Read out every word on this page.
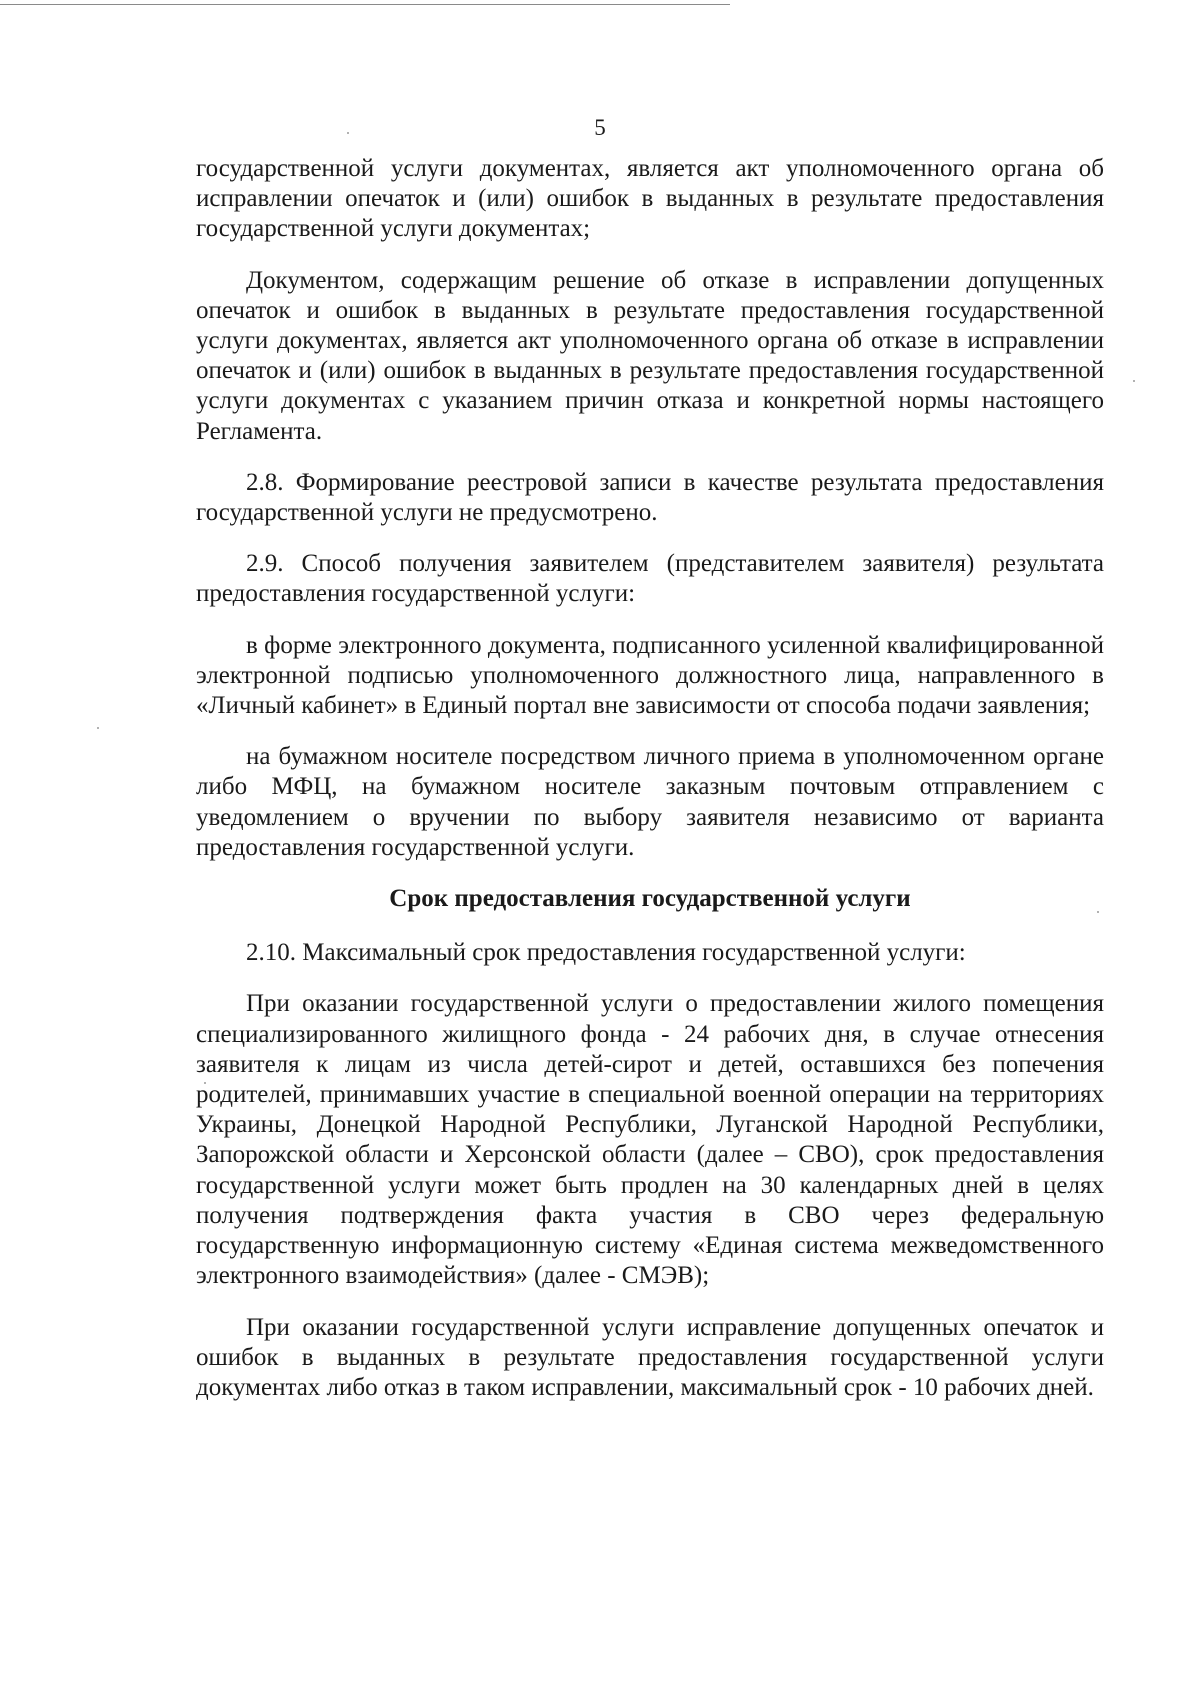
5

государственной услуги документах, является акт уполномоченного органа об исправлении опечаток и (или) ошибок в выданных в результате предоставления государственной услуги документах;

Документом, содержащим решение об отказе в исправлении допущенных опечаток и ошибок в выданных в результате предоставления государственной услуги документах, является акт уполномоченного органа об отказе в исправлении опечаток и (или) ошибок в выданных в результате предоставления государственной услуги документах с указанием причин отказа и конкретной нормы настоящего Регламента.

2.8. Формирование реестровой записи в качестве результата предоставления государственной услуги не предусмотрено.

2.9. Способ получения заявителем (представителем заявителя) результата предоставления государственной услуги:

в форме электронного документа, подписанного усиленной квалифицированной электронной подписью уполномоченного должностного лица, направленного в «Личный кабинет» в Единый портал вне зависимости от способа подачи заявления;

на бумажном носителе посредством личного приема в уполномоченном органе либо МФЦ, на бумажном носителе заказным почтовым отправлением с уведомлением о вручении по выбору заявителя независимо от варианта предоставления государственной услуги.

Срок предоставления государственной услуги

2.10. Максимальный срок предоставления государственной услуги:

При оказании государственной услуги о предоставлении жилого помещения специализированного жилищного фонда - 24 рабочих дня, в случае отнесения заявителя к лицам из числа детей-сирот и детей, оставшихся без попечения родителей, принимавших участие в специальной военной операции на территориях Украины, Донецкой Народной Республики, Луганской Народной Республики, Запорожской области и Херсонской области (далее – СВО), срок предоставления государственной услуги может быть продлен на 30 календарных дней в целях получения подтверждения факта участия в СВО через федеральную государственную информационную систему «Единая система межведомственного электронного взаимодействия» (далее - СМЭВ);

При оказании государственной услуги исправление допущенных опечаток и ошибок в выданных в результате предоставления государственной услуги документах либо отказ в таком исправлении, максимальный срок - 10 рабочих дней.
